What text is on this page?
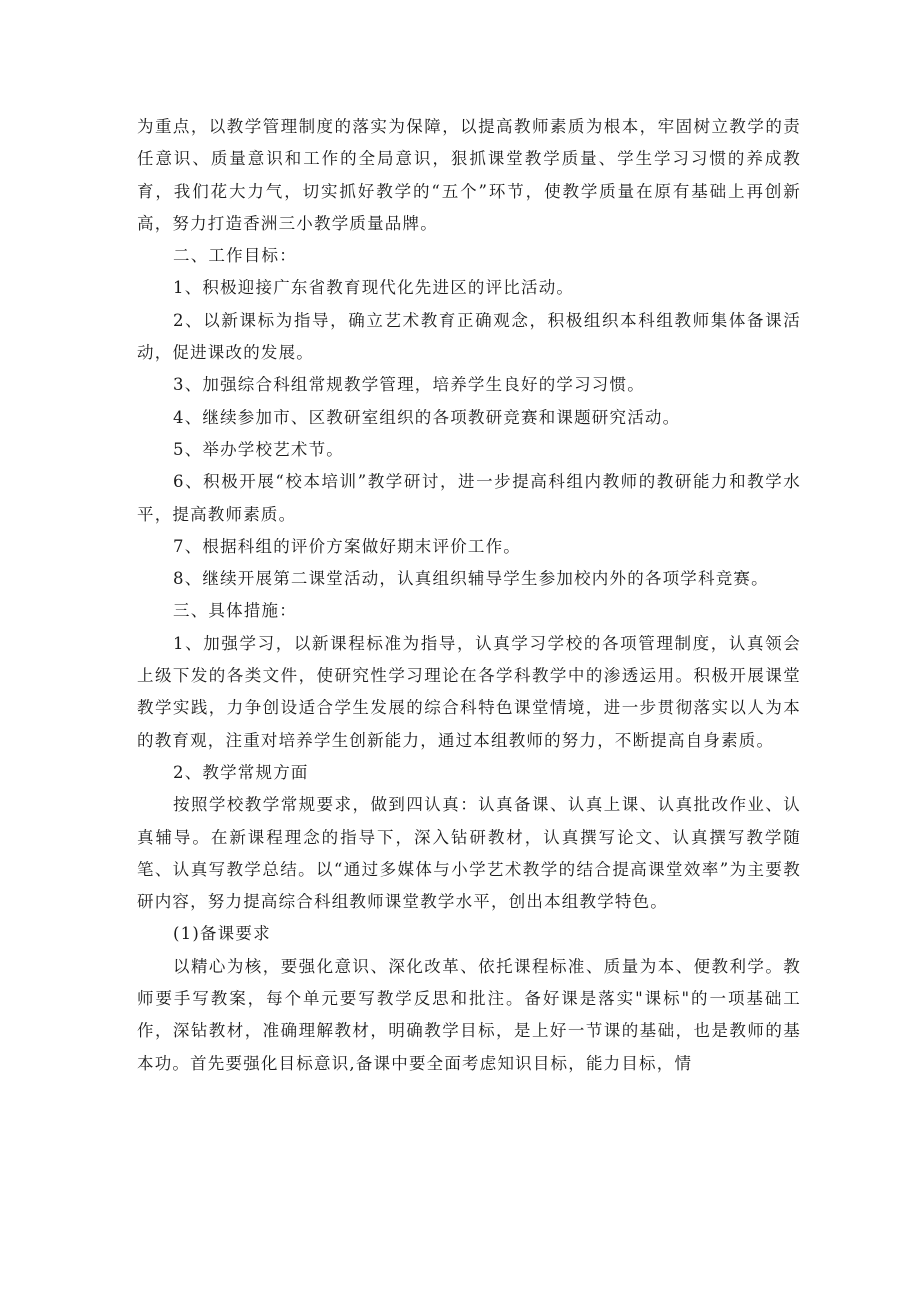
为重点，以教学管理制度的落实为保障，以提高教师素质为根本，牢固树立教学的责任意识、质量意识和工作的全局意识，狠抓课堂教学质量、学生学习习惯的养成教育，我们花大力气，切实抓好教学的“五个”环节，使教学质量在原有基础上再创新高，努力打造香洲三小教学质量品牌。

二、工作目标：

1、积极迎接广东省教育现代化先进区的评比活动。

2、以新课标为指导，确立艺术教育正确观念，积极组织本科组教师集体备课活动，促进课改的发展。

3、加强综合科组常规教学管理，培养学生良好的学习习惯。

4、继续参加市、区教研室组织的各项教研竞赛和课题研究活动。

5、举办学校艺术节。

6、积极开展“校本培训”教学研讨，进一步提高科组内教师的教研能力和教学水平，提高教师素质。

7、根据科组的评价方案做好期末评价工作。

8、继续开展第二课堂活动，认真组织辅导学生参加校内外的各项学科竞赛。

三、具体措施：

1、加强学习，以新课程标准为指导，认真学习学校的各项管理制度，认真领会上级下发的各类文件，使研究性学习理论在各学科教学中的渗透运用。积极开展课堂教学实践，力争创设适合学生发展的综合科特色课堂情境，进一步贯彻落实以人为本的教育观，注重对培养学生创新能力，通过本组教师的努力，不断提高自身素质。

2、教学常规方面

按照学校教学常规要求，做到四认真：认真备课、认真上课、认真批改作业、认真辅导。在新课程理念的指导下，深入钻研教材，认真撰写论文、认真撰写教学随笔、认真写教学总结。以“通过多媒体与小学艺术教学的结合提高课堂效率”为主要教研内容，努力提高综合科组教师课堂教学水平，创出本组教学特色。

(1)备课要求

以精心为核，要强化意识、深化改革、依托课程标准、质量为本、便教利学。教师要手写教案，每个单元要写教学反思和批注。备好课是落实"课标"的一项基础工作，深钻教材，准确理解教材，明确教学目标，是上好一节课的基础，也是教师的基本功。首先要强化目标意识,备课中要全面考虑知识目标，能力目标，情
